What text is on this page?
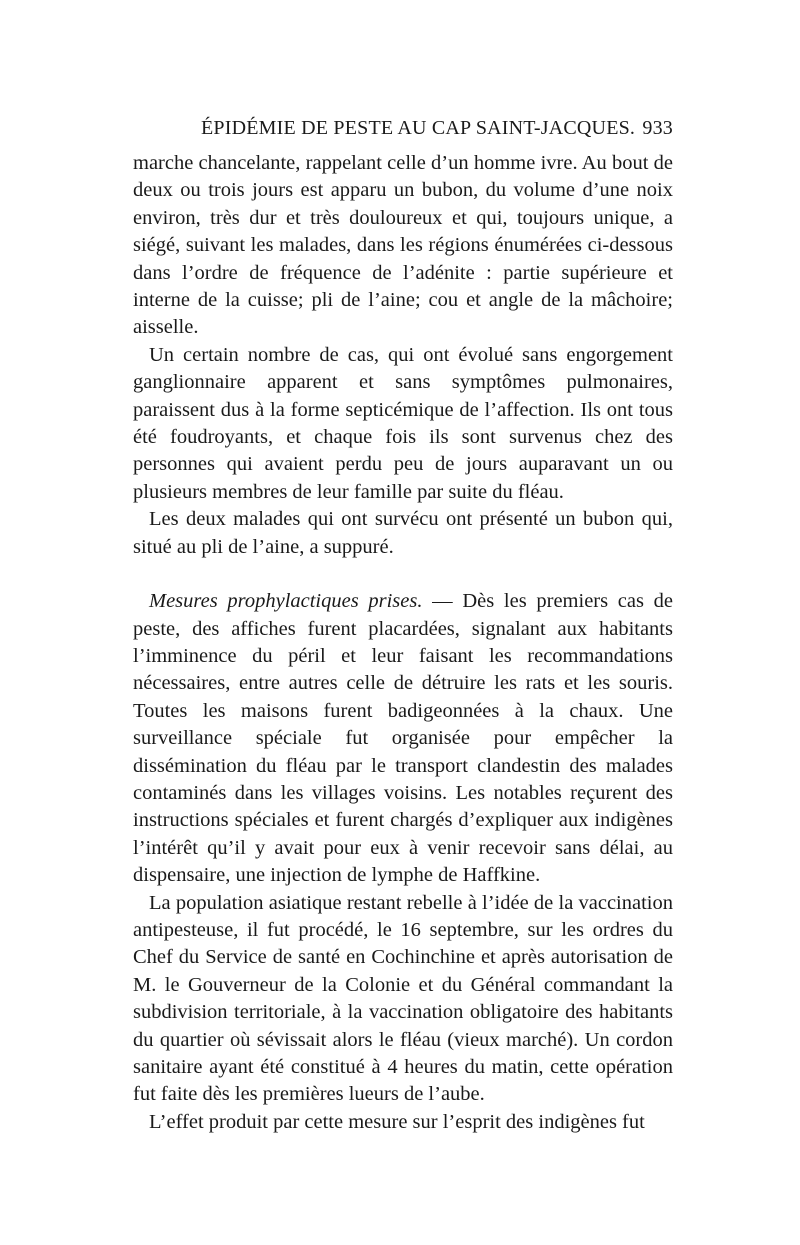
ÉPIDÉMIE DE PESTE AU CAP SAINT-JACQUES. 933

marche chancelante, rappelant celle d’un homme ivre. Au bout de deux ou trois jours est apparu un bubon, du volume d’une noix environ, très dur et très douloureux et qui, toujours unique, a siégé, suivant les malades, dans les régions énumérées ci-dessous dans l’ordre de fréquence de l’adénite : partie supérieure et interne de la cuisse; pli de l’aine; cou et angle de la mâchoire; aisselle.

Un certain nombre de cas, qui ont évolué sans engorgement ganglionnaire apparent et sans symptômes pulmonaires, paraissent dus à la forme septicémique de l’affection. Ils ont tous été foudroyants, et chaque fois ils sont survenus chez des personnes qui avaient perdu peu de jours auparavant un ou plusieurs membres de leur famille par suite du fléau.

Les deux malades qui ont survécu ont présenté un bubon qui, situé au pli de l’aine, a suppuré.

Mesures prophylactiques prises. — Dès les premiers cas de peste, des affiches furent placardées, signalant aux habitants l’imminence du péril et leur faisant les recommandations nécessaires, entre autres celle de détruire les rats et les souris. Toutes les maisons furent badigeonnées à la chaux. Une surveillance spéciale fut organisée pour empêcher la dissémination du fléau par le transport clandestin des malades contaminés dans les villages voisins. Les notables reçurent des instructions spéciales et furent chargés d’expliquer aux indigènes l’intérêt qu’il y avait pour eux à venir recevoir sans délai, au dispensaire, une injection de lymphe de Haffkine.

La population asiatique restant rebelle à l’idée de la vaccination antipesteuse, il fut procédé, le 16 septembre, sur les ordres du Chef du Service de santé en Cochinchine et après autorisation de M. le Gouverneur de la Colonie et du Général commandant la subdivision territoriale, à la vaccination obligatoire des habitants du quartier où sévissait alors le fléau (vieux marché). Un cordon sanitaire ayant été constitué à 4 heures du matin, cette opération fut faite dès les premières lueurs de l’aube.

L’effet produit par cette mesure sur l’esprit des indigènes fut
